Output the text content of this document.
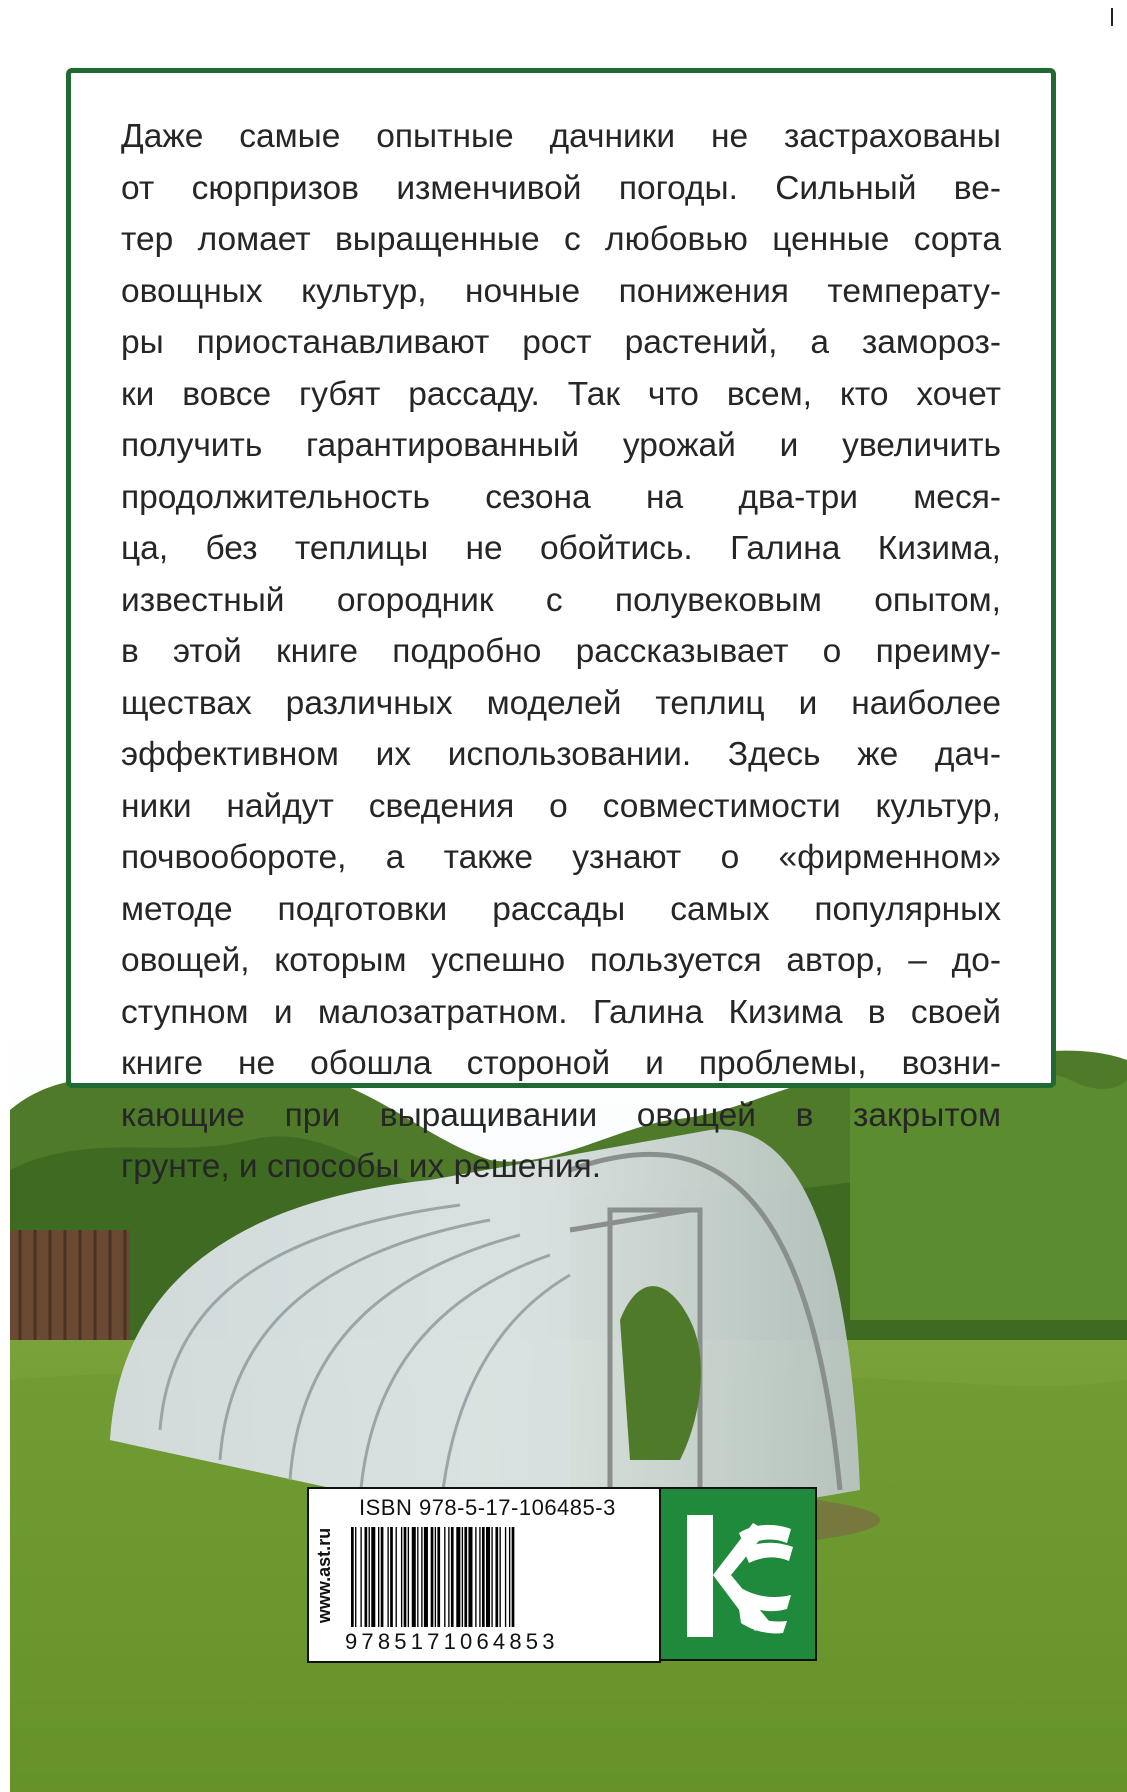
Даже самые опытные дачники не застрахованы
от сюрпризов изменчивой погоды. Сильный ве-
тер ломает выращенные с любовью ценные сорта
овощных культур, ночные понижения температу-
ры приостанавливают рост растений, а замороз-
ки вовсе губят рассаду. Так что всем, кто хочет
получить гарантированный урожай и увеличить
продолжительность сезона на два-три меся-
ца, без теплицы не обойтись. Галина Кизима,
известный огородник с полувековым опытом,
в этой книге подробно рассказывает о преиму-
ществах различных моделей теплиц и наиболее
эффективном их использовании. Здесь же дач-
ники найдут сведения о совместимости культур,
почвообороте, а также узнают о «фирменном»
методе подготовки рассады самых популярных
овощей, которым успешно пользуется автор, – до-
ступном и малозатратном. Галина Кизима в своей
книге не обошла стороной и проблемы, возни-
кающие при выращивании овощей в закрытом
грунте, и способы их решения.
www.ast.ru
ISBN 978-5-17-106485-3
9785171064853
